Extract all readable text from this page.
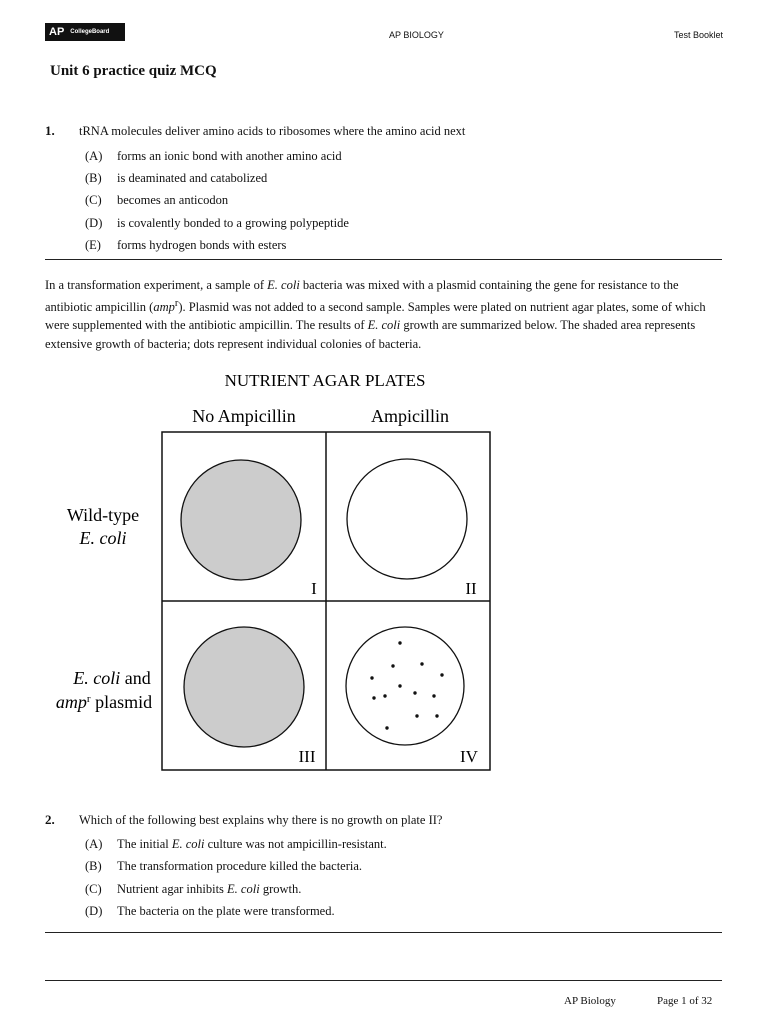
AP CollegeBoard	AP BIOLOGY	Test Booklet
Unit 6 practice quiz MCQ
1. tRNA molecules deliver amino acids to ribosomes where the amino acid next
(A) forms an ionic bond with another amino acid
(B) is deaminated and catabolized
(C) becomes an anticodon
(D) is covalently bonded to a growing polypeptide
(E) forms hydrogen bonds with esters
In a transformation experiment, a sample of E. coli bacteria was mixed with a plasmid containing the gene for resistance to the antibiotic ampicillin (amp$^r$). Plasmid was not added to a second sample. Samples were plated on nutrient agar plates, some of which were supplemented with the antibiotic ampicillin. The results of E. coli growth are summarized below. The shaded area represents extensive growth of bacteria; dots represent individual colonies of bacteria.
NUTRIENT AGAR PLATES
No Ampicillin	Ampicillin
Wild-type
E. coli
E. coli and
amp$^r$ plasmid
I	II
III	IV
2. Which of the following best explains why there is no growth on plate II?
(A) The initial E. coli culture was not ampicillin-resistant.
(B) The transformation procedure killed the bacteria.
(C) Nutrient agar inhibits E. coli growth.
(D) The bacteria on the plate were transformed.
AP Biology	Page 1 of 32
